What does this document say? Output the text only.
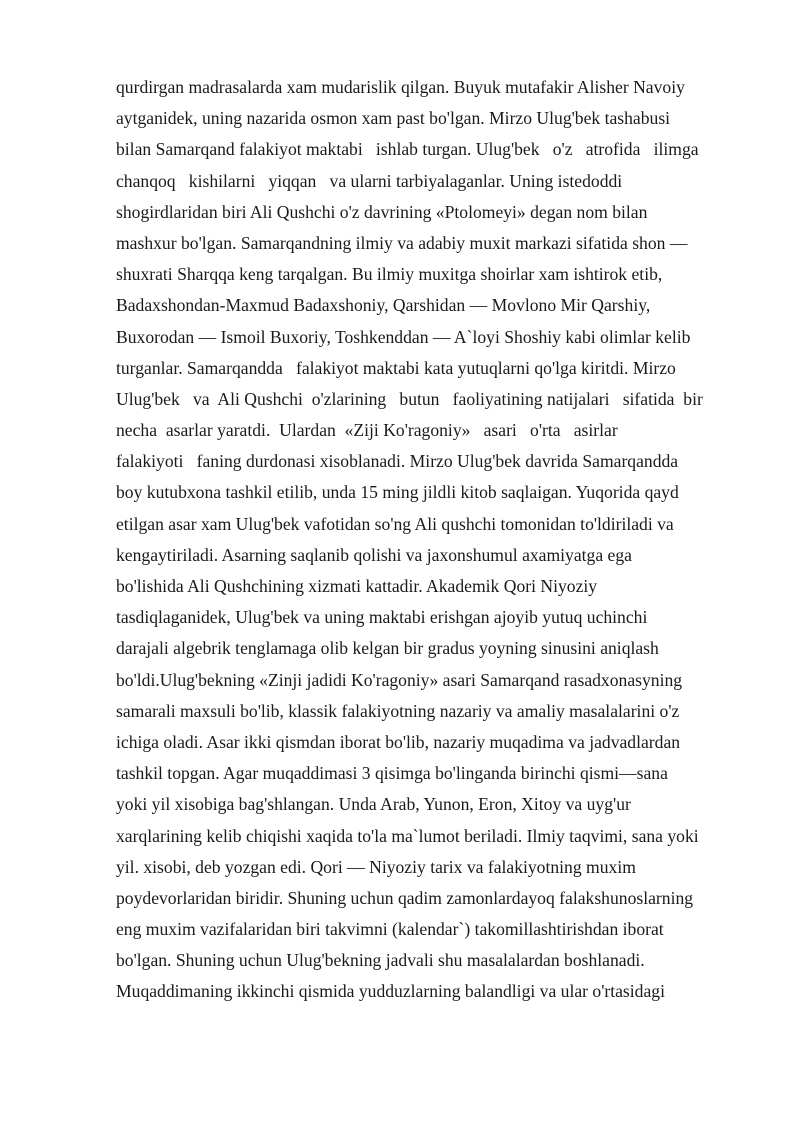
qurdirgan madrasalarda xam mudarislik qilgan. Buyuk mutafakir Alisher Navoiy
aytganidek, uning nazarida osmon xam past bo'lgan. Mirzo Ulug'bek tashabusi
bilan Samarqand falakiyot maktabi   ishlab turgan. Ulug'bek   o'z   atrofida   ilimga
chanqoq   kishilarni   yiqqan   va ularni tarbiyalaganlar. Uning istedoddi
shogirdlaridan biri Ali Qushchi o'z davrining «Ptolomeyi» degan nom bilan
mashxur bo'lgan. Samarqandning ilmiy va adabiy muxit markazi sifatida shon —
shuxrati Sharqqa keng tarqalgan. Bu ilmiy muxitga shoirlar xam ishtirok etib,
Badaxshondan-Maxmud Badaxshoniy, Qarshidan — Movlono Mir Qarshiy,
Buxorodan — Ismoil Buxoriy, Toshkenddan — A`loyi Shoshiy kabi olimlar kelib
turganlar. Samarqandda   falakiyot maktabi kata yutuqlarni qo'lga kiritdi. Mirzo
Ulug'bek   va  Ali Qushchi  o'zlarining   butun   faoliyatining natijalari   sifatida  bir
necha  asarlar yaratdi.  Ulardan  «Ziji Ko'ragoniy»   asari   o'rta   asirlar
falakiyoti   faning durdonasi xisoblanadi. Mirzo Ulug'bek davrida Samarqandda
boy kutubxona tashkil etilib, unda 15 ming jildli kitob saqlaigan. Yuqorida qayd
etilgan asar xam Ulug'bek vafotidan so'ng Ali qushchi tomonidan to'ldiriladi va
kengaytiriladi. Asarning saqlanib qolishi va jaxonshumul axamiyatga ega
bo'lishida Ali Qushchining xizmati kattadir. Akademik Qori Niyoziy
tasdiqlaganidek, Ulug'bek va uning maktabi erishgan ajoyib yutuq uchinchi
darajali algebrik tenglamaga olib kelgan bir gradus yoyning sinusini aniqlash
bo'ldi.Ulug'bekning «Zinji jadidi Ko'ragoniy» asari Samarqand rasadxonasyning
samarali maxsuli bo'lib, klassik falakiyotning nazariy va amaliy masalalarini o'z
ichiga oladi. Asar ikki qismdan iborat bo'lib, nazariy muqadima va jadvadlardan
tashkil topgan. Agar muqaddimasi 3 qisimga bo'linganda birinchi qismi—sana
yoki yil xisobiga bag'shlangan. Unda Arab, Yunon, Eron, Xitoy va uyg'ur
xarqlarining kelib chiqishi xaqida to'la ma`lumot beriladi. Ilmiy taqvimi, sana yoki
yil. xisobi, deb yozgan edi. Qori — Niyoziy tarix va falakiyotning muxim
poydevorlaridan biridir. Shuning uchun qadim zamonlardayoq falakshunoslarning
eng muxim vazifalaridan biri takvimni (kalendar`) takomillashtirishdan iborat
bo'lgan. Shuning uchun Ulug'bekning jadvali shu masalalardan boshlanadi.
Muqaddimaning ikkinchi qismida yudduzlarning balandligi va ular o'rtasidagi
